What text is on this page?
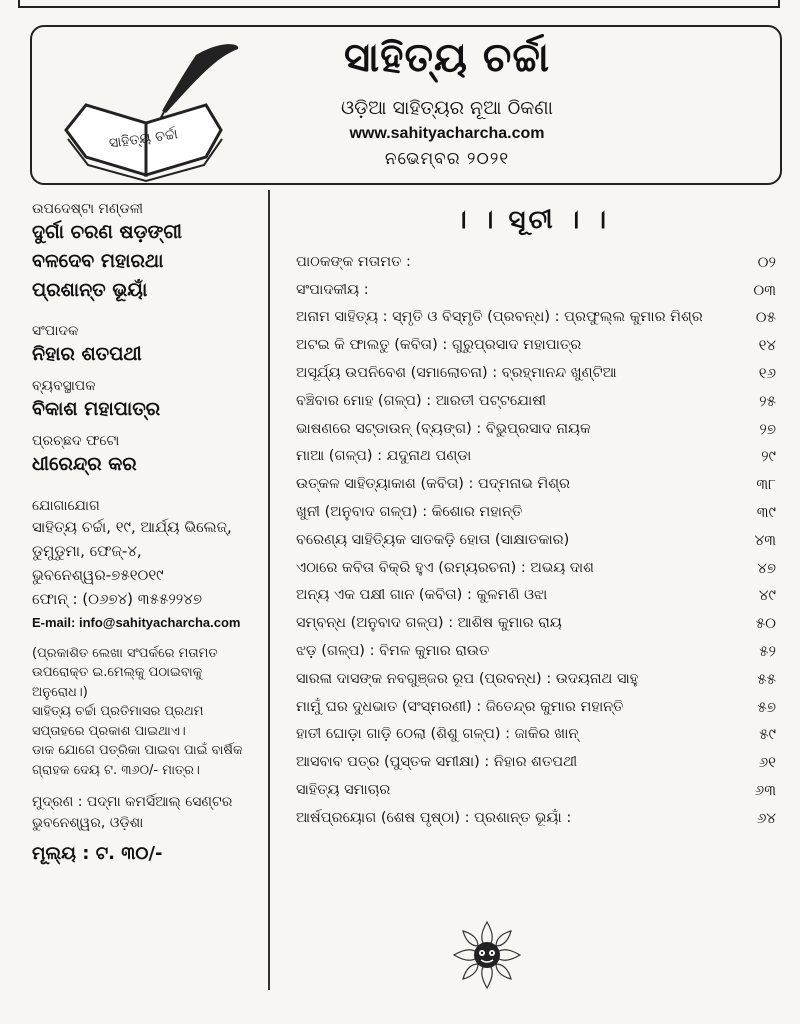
ସାହିତ୍ୟ ଚର୍ଚ୍ଚା
ସାହିତ୍ୟ ଚର୍ଚ୍ଚା
ଓଡ଼ିଆ ସାହିତ୍ୟର ନୂଆ ଠିକଣା
www.sahityacharcha.com
ନଭେମ୍ବର ୨୦୨୧

ଉପଦେଷ୍ଟା ମଣ୍ଡଳୀ

ଦୁର୍ଗା ଚରଣ ଷଡ଼ଙ୍ଗୀ

ବଳଦେବ ମହାରଥା

ପ୍ରଶାନ୍ତ ଭୂୟାଁ

ସଂପାଦକ

ନିହାର ଶତପଥୀ

ବ୍ୟବସ୍ଥାପକ

ବିକାଶ ମହାପାତ୍ର

ପ୍ରଚ୍ଛଦ ଫଟୋ

ଧୀରେନ୍ଦ୍ର କର

ଯୋଗାଯୋଗ

ସାହିତ୍ୟ ଚର୍ଚ୍ଚା, ୧୯, ଆର୍ଯ୍ୟ ଭିଲେଜ୍,
ଡୁମୁଡୁମା, ଫେଜ୍-୪,
ଭୁବନେଶ୍ୱର-୭୫୧୦୧୯
ଫୋନ୍ : (୦୬୭୪) ୩୫୫୨୨୪୭
E-mail: info@sahityacharcha.com
(ପ୍ରକାଶିତ ଲେଖା ସଂପର୍କରେ ମତାମତ ଉପରୋକ୍ତ ଇ.ମେଲ୍‌କୁ ପଠାଇବାକୁ ଅନୁରୋଧ।)
ସାହିତ୍ୟ ଚର୍ଚ୍ଚା ପ୍ରତିମାସର ପ୍ରଥମ ସପ୍ତାହରେ ପ୍ରକାଶ ପାଇଥାଏ।
ଡାକ ଯୋଗେ ପତ୍ରିକା ପାଇବା ପାଇଁ ବାର୍ଷିକ ଗ୍ରାହକ ଦେୟ ଟ. ୩୬୦/- ମାତ୍ର।
ମୁଦ୍ରଣ : ପଦ୍ମା କମର୍ସିଆଲ୍ ସେଣ୍ଟର
ଭୁବନେଶ୍ୱର, ଓଡ଼ିଶା
ମୂଲ୍ୟ : ଟ. ୩୦/-
। । ସୂଚୀ । ।
ପାଠକଙ୍କ ମତାମତ :	୦୨
ସଂପାଦକୀୟ :	୦୩
ଅନାମ ସାହିତ୍ୟ : ସ୍ମୃତି ଓ ବିସ୍ମୃତି (ପ୍ରବନ୍ଧ) : ପ୍ରଫୁଲ୍ଲ କୁମାର ମିଶ୍ର	୦୫
ଅଟଇ କି ଫାଲତୁ (କବିତା) : ଗୁରୁପ୍ରସାଦ ମହାପାତ୍ର	୧୪
ଅସୂର୍ଯ୍ୟ ଉପନିବେଶ (ସମାଲୋଚନା) : ବ୍ରହ୍ମାନନ୍ଦ ଖୁଣ୍ଟିଆ	୧୬
ବଞ୍ଚିବାର ମୋହ (ଗଳ୍ପ) : ଆରତୀ ପଟ୍ଟଯୋଷୀ	୨୫
ଭାଷଣରେ ସଟ୍‌ଡାଉନ୍ (ବ୍ୟଙ୍ଗ) : ବିଭୁପ୍ରସାଦ ନାୟକ	୨୭
ମାଆ (ଗଳ୍ପ) : ଯଦୁନାଥ ପଣ୍ଡା	୨୯
ଉତ୍କଳ ସାହିତ୍ୟାକାଶ (କବିତା) : ପଦ୍ମନାଭ ମିଶ୍ର	୩୮
ଖୁନୀ (ଅନୁବାଦ ଗଳ୍ପ) : କିଶୋର ମହାନ୍ତି	୩୯
ବରେଣ୍ୟ ସାହିତ୍ୟିକ ସାତକଡ଼ି ହୋତା (ସାକ୍ଷାତକାର)	୪୩
ଏଠାରେ କବିତା ବିକ୍ରି ହୁଏ (ରମ୍ୟରଚନା) : ଅଭୟ ଦାଶ	୪୭
ଅନ୍ୟ ଏକ ପକ୍ଷୀ ଗାନ (କବିତା) : କୁଳମଣି ଓଝା	୪୯
ସମ୍ବନ୍ଧ (ଅନୁବାଦ ଗଳ୍ପ) : ଆଶିଷ କୁମାର ରାୟ	୫୦
ଝଡ଼ (ଗଳ୍ପ) : ବିମଳ କୁମାର ରାଉତ	୫୨
ସାରଳା ଦାସଙ୍କ ନବଗୁଞ୍ଜର ରୂପ (ପ୍ରବନ୍ଧ) : ଉଦୟନାଥ ସାହୁ	୫୫
ମାମୁଁ ଘର ଦୁଧଭାତ (ସଂସ୍ମରଣୀ) : ଜିତେନ୍ଦ୍ର କୁମାର ମହାନ୍ତି	୫୭
ହାତୀ ଘୋଡ଼ା ଗାଡ଼ି ଠେଲା (ଶିଶୁ ଗଳ୍ପ) : ଜାକିର ଖାନ୍	୫୯
ଆସବାବ ପତ୍ର (ପୁସ୍ତକ ସମୀକ୍ଷା) : ନିହାର ଶତପଥୀ	୬୧
ସାହିତ୍ୟ ସମାଚାର	୬୩
ଆର୍ଷପ୍ରୟୋଗ (ଶେଷ ପୃଷ୍ଠା) : ପ୍ରଶାନ୍ତ ଭୂୟାଁ :	୬୪
